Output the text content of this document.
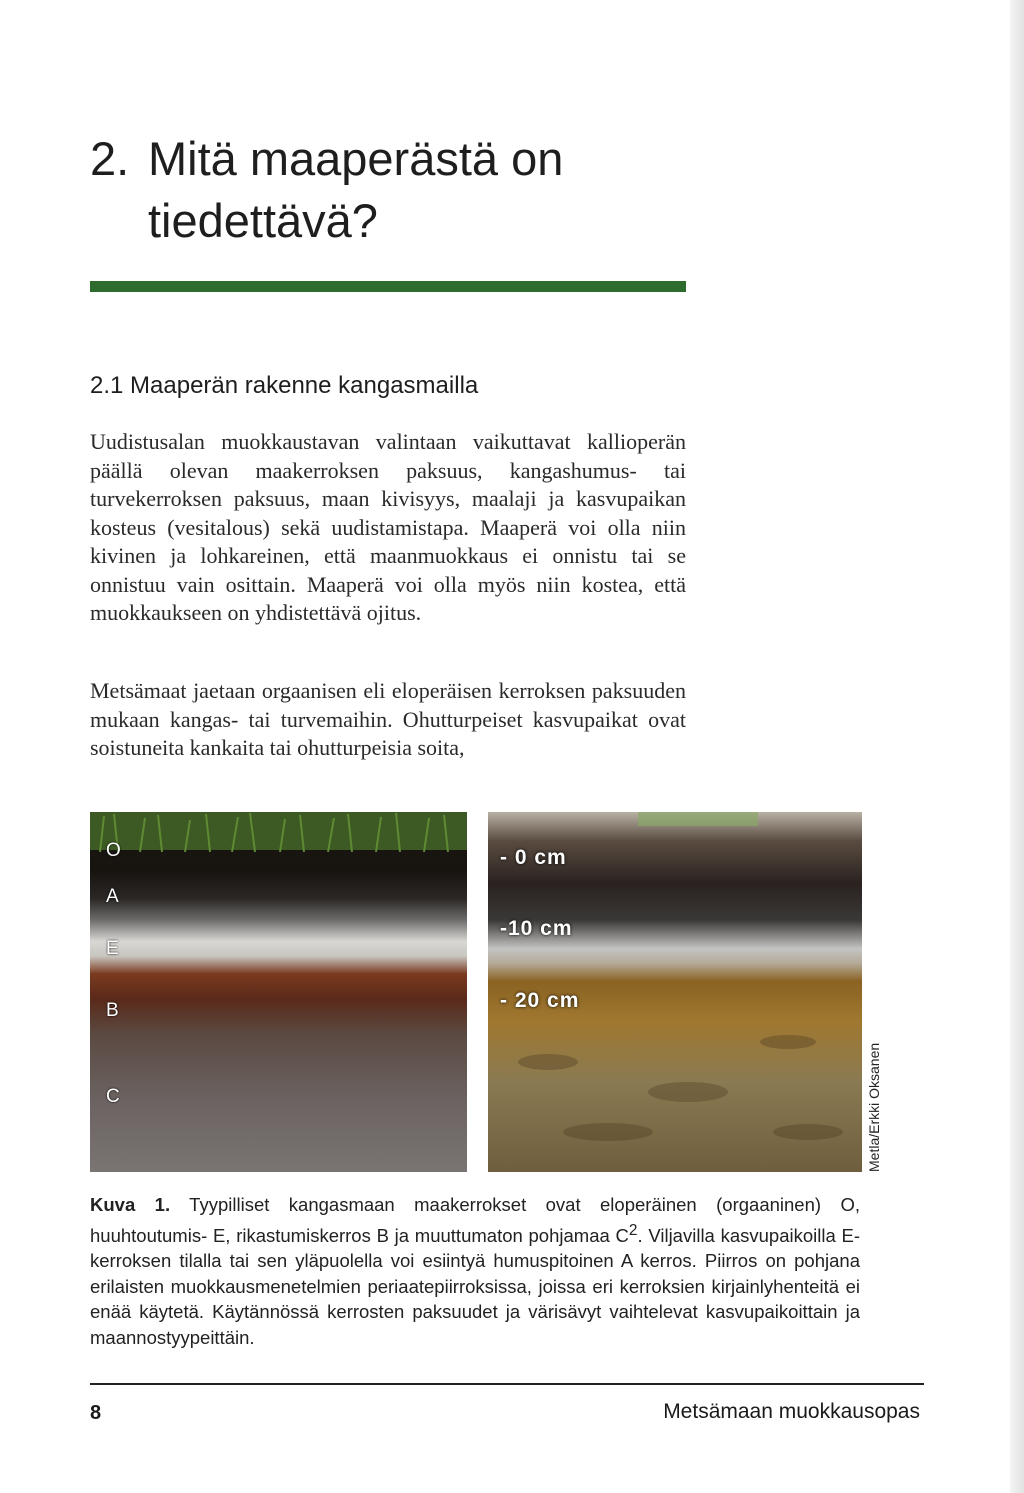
2. Mitä maaperästä on
tiedettävä?
2.1 Maaperän rakenne kangasmailla

Uudistusalan muokkaustavan valintaan vaikuttavat kallioperän päällä olevan maakerroksen paksuus, kangashumus- tai turvekerroksen paksuus, maan kivisyys, maalaji ja kasvupaikan kosteus (vesitalous) sekä uudistamistapa. Maaperä voi olla niin kivinen ja lohkareinen, että maanmuokkaus ei onnistu tai se onnistuu vain osittain. Maaperä voi olla myös niin kostea, että muokkaukseen on yhdistettävä ojitus.

Metsämaat jaetaan orgaanisen eli eloperäisen kerroksen paksuuden mukaan kangas- tai turvemaihin. Ohutturpeiset kasvupaikat ovat soistuneita kankaita tai ohutturpeisia soita,

O
A
E
B
C
- 0 cm
-10 cm
- 20 cm
Metla/Erkki Oksanen

Kuva 1. Tyypilliset kangasmaan maakerrokset ovat eloperäinen (orgaaninen) O, huuhtoutumis- E, rikastumiskerros B ja muuttumaton pohjamaa $C^2$. Viljavilla kasvupaikoilla E-kerroksen tilalla tai sen yläpuolella voi esiintyä humuspitoinen A kerros. Piirros on pohjana erilaisten muokkausmenetelmien periaatepiirroksissa, joissa eri kerroksien kirjainlyhenteitä ei enää käytetä. Käytännössä kerrosten paksuudet ja värisävyt vaihtelevat kasvupaikoittain ja maannostyypeittäin.

8	Metsämaan muokkausopas
